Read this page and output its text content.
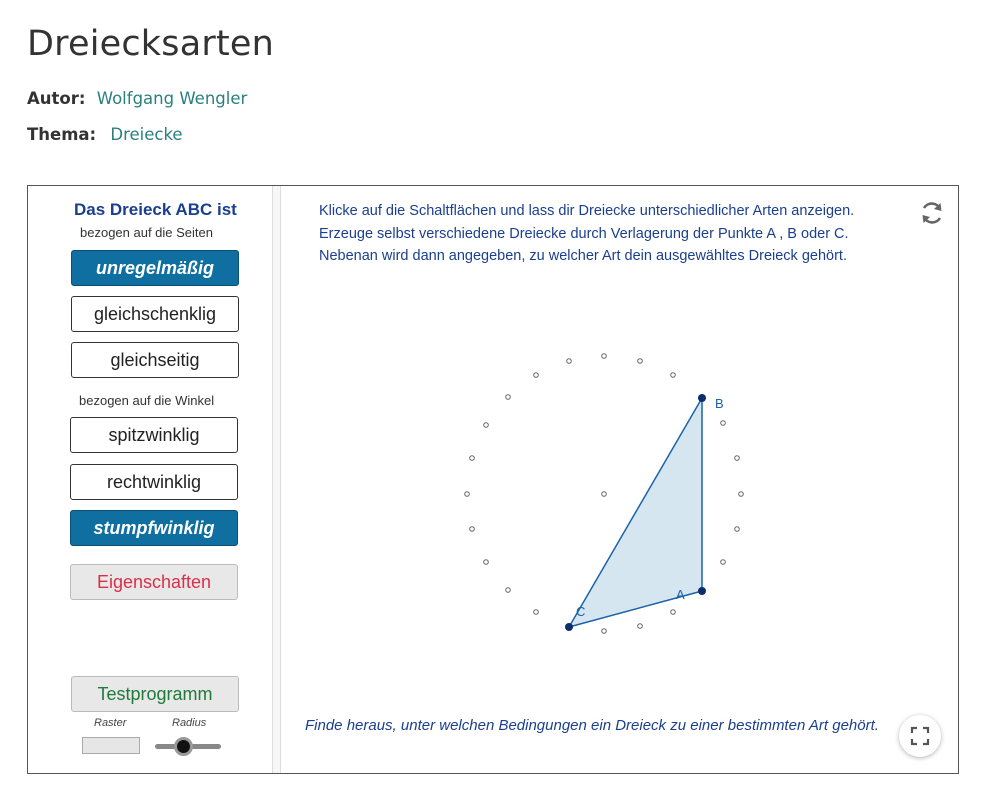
Dreiecksarten
Autor: Wolfgang Wengler
Thema: Dreiecke
Das Dreieck ABC ist
bezogen auf die Seiten
unregelmäßig
gleichschenklig
gleichseitig
bezogen auf die Winkel
spitzwinklig
rechtwinklig
stumpfwinklig
Eigenschaften
Testprogramm
Raster	Radius
Klicke auf die Schaltflächen und lass dir Dreiecke unterschiedlicher Arten anzeigen.
Erzeuge selbst verschiedene Dreiecke durch Verlagerung der Punkte A , B oder C.
Nebenan wird dann angegeben, zu welcher Art dein ausgewähltes Dreieck gehört.
A
B
C
Finde heraus, unter welchen Bedingungen ein Dreieck zu einer bestimmten Art gehört.
